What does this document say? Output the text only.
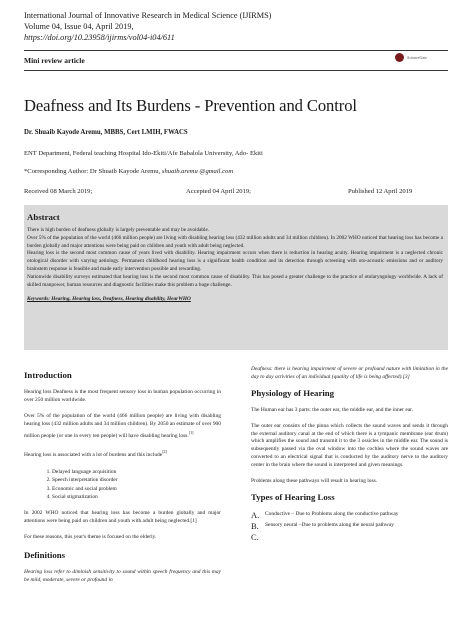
International Journal of Innovative Research in Medical Science (IJIRMS)
Volume 04, Issue 04, April 2019,
https://doi.org/10.23958/ijirms/vol04-i04/611
Mini review article	ScienceGate
Deafness and Its Burdens - Prevention and Control
Dr. Shuaib Kayode Aremu, MBBS, Cert LMIH, FWACS
ENT Department, Federal teaching Hospital Ido-Ekiti/Afe Babalola University, Ado- Ekiti
*Corresponding Author: Dr Shuaib Kayode Aremu, shuaib.aremu @gmail.com
Received 08 March 2019;	Accepted 04 April 2019;	Published 12 April 2019
Abstract

There is high burden of deafness globally is largely preventable and may be avoidable.

Over 5% of the population of the world (466 million people) are living with disabling hearing loss (432 million adults and 34 million children). In 2002 WHO noticed that hearing loss has become a burden globally and major attentions were being paid on children and youth with adult being neglected.

Hearing loss is the second most common cause of years lived with disability. Hearing impairment occurs when there is reduction in hearing acuity. Hearing impairment is a neglected chronic otological disorder with varying aetiology. Permanent childhood hearing loss is a significant health condition and its detection through screening with oto-acoustic emissions and or auditory brainstem response is feasible and made early intervention possible and rewarding.

Nationwide disability surveys estimated that hearing loss is the second most common cause of disability. This has posed a greater challenge to the practice of otolaryngology worldwide. A lack of skilled manpower, human resources and diagnostic facilities make this problem a huge challenge.

Keywords: Hearing, Hearing loss, Deafness, Hearing disability, HearWHO
Introduction

Hearing loss Deafness is the most frequent sensory loss in human population occurring in over 250 million worldwide.

Over 5% of the population of the world (466 million people) are living with disabling hearing loss (432 million adults and 34 million children). By 2050 an estimate of over 900 million people (or one in every ten people) will have disabling hearing loss.[1]

Hearing loss is associated with a lot of burdens and this include[2]

1. Delayed language acquisition
2. Speech interpretation disorder
3. Economic and social problem
4. Social stigmatization

In 2002 WHO noticed that hearing loss has become a burden globally and major attentions were being paid on children and youth with adult being neglected.[1]

For these reasons, this year's theme is focused on the elderly.

Definitions

Hearing loss refer to diminish sensitivity to sound within speech frequency and this may be mild, moderate, severe or profound in

Deafness: there is hearing impairment of severe or profound nature with limitation in the day to day activities of an individual (quality of life is being affected).[3]

Physiology of Hearing

The Human ear has 3 parts: the outer ear, the middle ear, and the inner ear.

The outer ear consists of the pinna which collects the sound waves and sends it through the external auditory canal at the end of which there is a tympanic membrane (ear drum) which amplifies the sound and transmit it to the 3 ossicles in the middle ear. The sound is subsequently passed via the oval window into the cochlea where the sound waves are converted to an electrical signal that is conducted by the auditory nerve to the auditory center in the brain where the sound is interpreted and given meanings.

Problems along these pathways will result in hearing loss.

Types of Hearing Loss
A. Conductive – Due to Problems along the conductive pathway
B. Sensory neural –Due to problems along the neural pathway
C.
